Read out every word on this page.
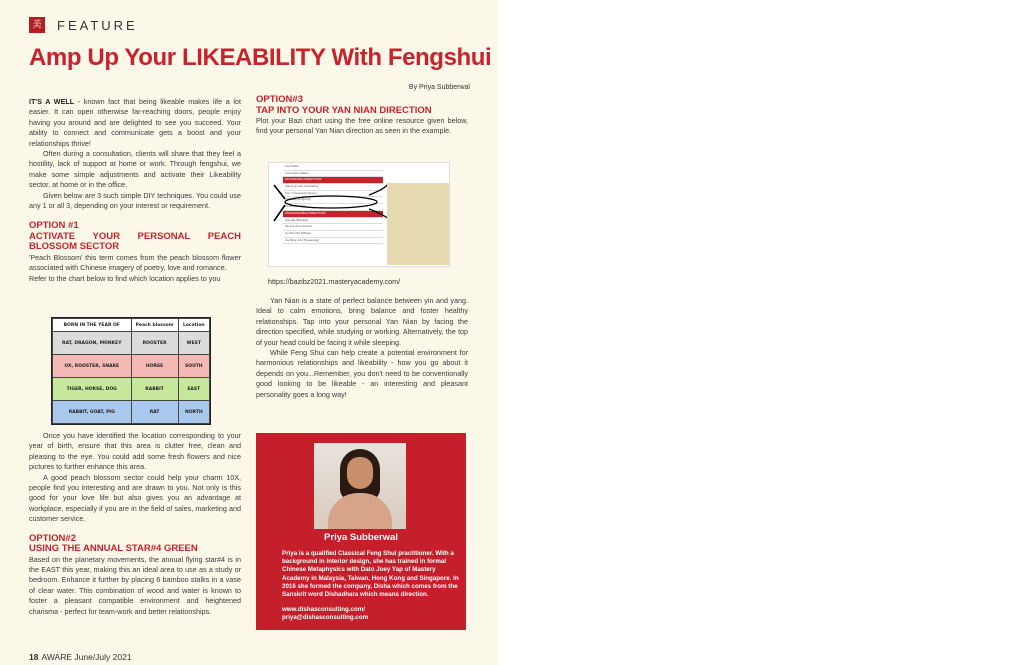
美 FEATURE
Amp Up Your LIKEABILITY With Fengshui
By Priya Subberwal

IT'S A WELL - known fact that being likeable makes life a lot easier. It can open otherwise far-reaching doors, people enjoy having you around and are delighted to see you succeed. Your ability to connect and communicate gets a boost and your relationships thrive!

Often during a consultation, clients will share that they feel a hostility, lack of support at home or work. Through fengshui, we make some simple adjustments and activate their Likeability sector, at home or in the office.

Given below are 3 such simple DIY techniques. You could use any 1 or all 3, depending on your interest or requirement.

OPTION #1
ACTIVATE YOUR PERSONAL PEACH BLOSSOM SECTOR

'Peach Blossom' this term comes from the peach blossom flower associated with Chinese imagery of poetry, love and romance.

Refer to the chart below to find which location applies to you

BORN IN THE YEAR OF	Peach blossom	Location
RAT, DRAGON, MONKEY	ROOSTER	WEST
OX, ROOSTER, SNAKE	HORSE	SOUTH
TIGER, HORSE, DOG	RABBIT	EAST
RABBIT, GOAT, PIG	RAT	NORTH

Once you have identified the location corresponding to your year of birth, ensure that this area is clutter free, clean and pleasing to the eye. You could add some fresh flowers and nice pictures to further enhance this area.

A good peach blossom sector could help your charm 10X, people find you interesting and are drawn to you. Not only is this good for your love life but also gives you an advantage at workplace, especially if you are in the field of sales, marketing and customer service.

OPTION#2
USING THE ANNUAL STAR#4 GREEN

Based on the planetary movements, the annual flying star#4 is in the EAST this year, making this an ideal area to use as a study or bedroom. Enhance it further by placing 6 bamboo stalks in a vase of clear water. This combination of wood and water is known to foster a pleasant compatible environment and heightened charisma - perfect for team-work and better relationships.

OPTION#3
TAP INTO YOUR YAN NIAN DIRECTION

Plot your Bazi chart using the free online resource given below, find your personal Yan Nian direction as seen in the example.

Life Palace
Conception Palace
FAVOURABLE DIRECTIONS
Sheng Qi (Life Generating)
Tian Yi (Heavenly Doctor)
Yan Nian (Longevity)
Fu Wei (Stability)
UNFAVOURABLE DIRECTIONS
Huo Hai (Mishaps)
Wu Gui (Five Ghosts)
Liu Sha (Six Killings)
Jue Ming (Life Threatening)
https://bazibz2021.masteryacademy.com/

Yan Nian is a state of perfect balance between yin and yang. Ideal to calm emotions, bring balance and foster healthy relationships. Tap into your personal Yan Nian by facing the direction specified, while studying or working. Alternatively, the top of your head could be facing it while sleeping.

While Feng Shui can help create a potential environment for harmonious relationships and likeability - how you go about it depends on you...Remember, you don't need to be conventionally good looking to be likeable - an interesting and pleasant personality goes a long way!

Priya Subberwal
Priya is a qualified Classical Feng Shui practitioner. With a background in interior design, she has trained in formal Chinese Metaphysics with Dato Joey Yap of Mastery Academy in Malaysia, Taiwan, Hong Kong and Singapore. In 2016 she formed the company, Disha which comes from the Sanskrit word Dishadhara which means direction.
www.dishasconsulting.com/
priya@dishasconsulting.com
18 AWARE June/July 2021
